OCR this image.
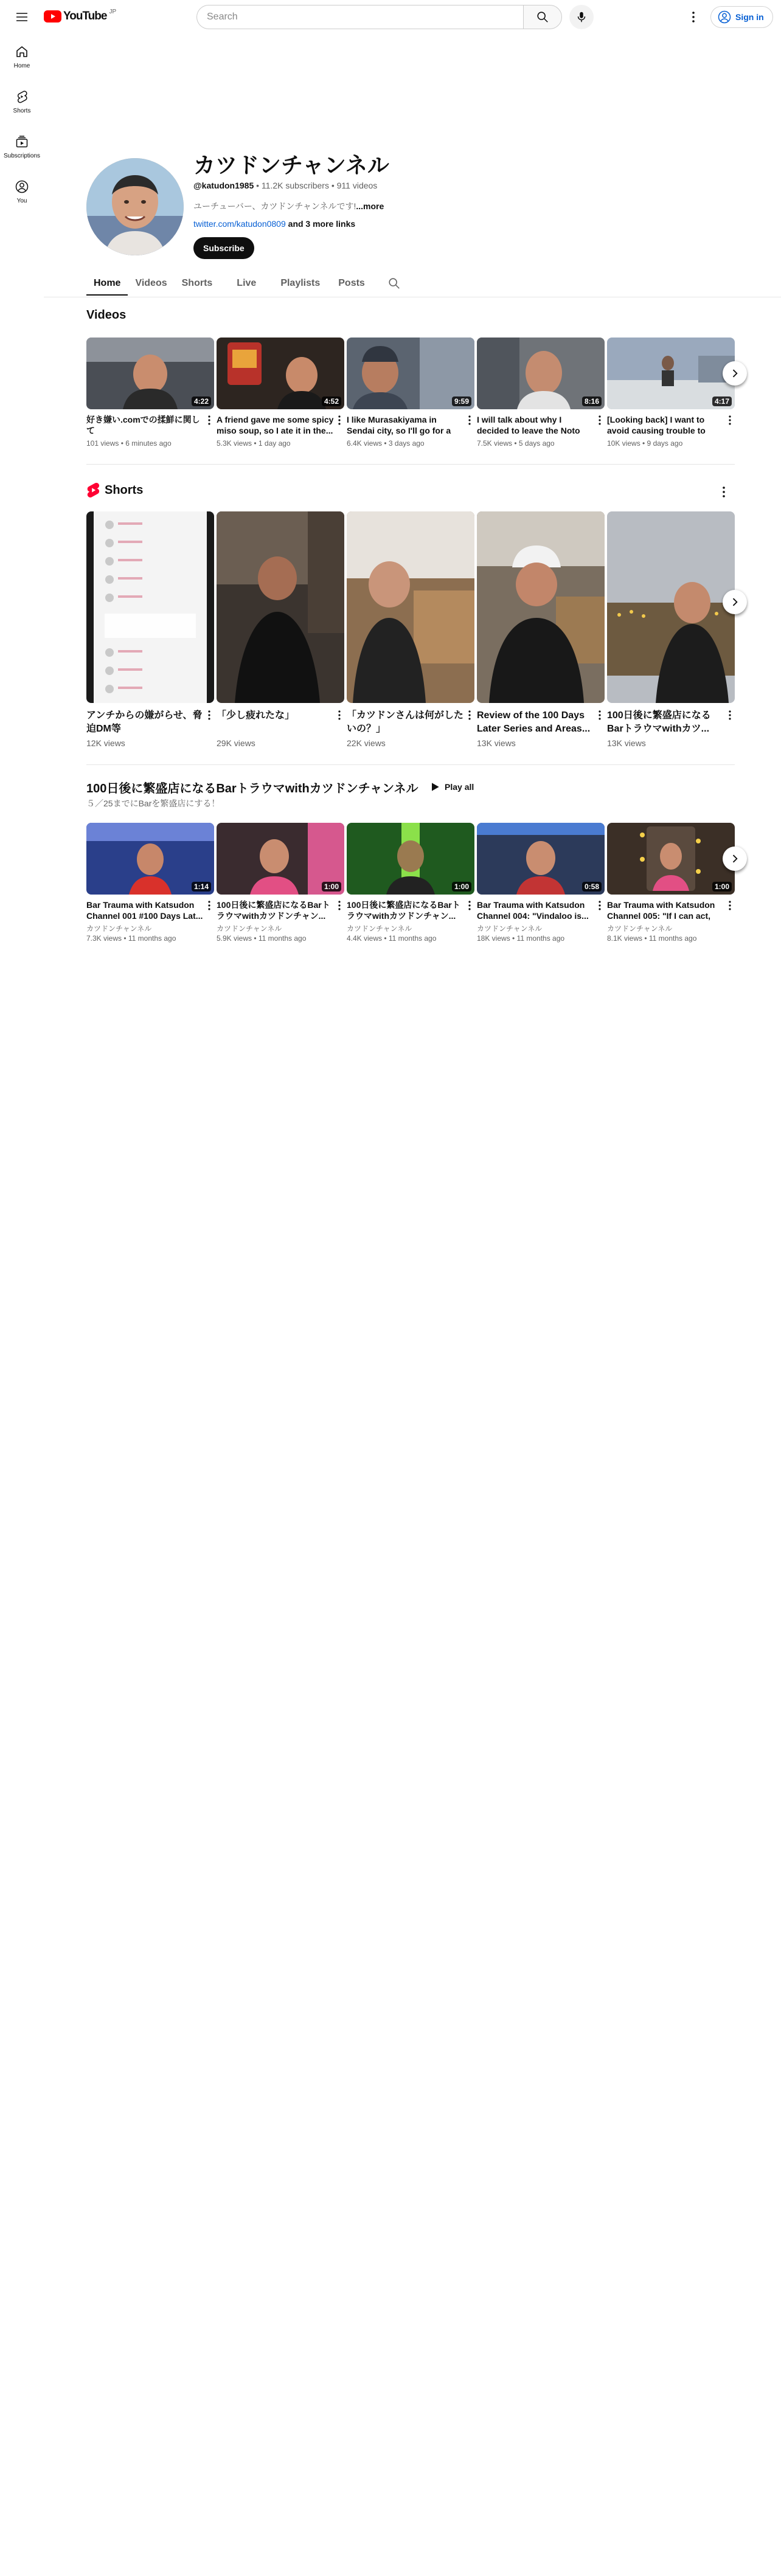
YouTube JP
Search
Sign in
Home
Shorts
Subscriptions
You
カツドンチャンネル
@katudon1985 • 11.2K subscribers • 911 videos
ユーチューバー、カツドンチャンネルです!...more
twitter.com/katudon0809 and 3 more links
Subscribe
Home	Videos	Shorts	Live	Playlists	Posts
Videos
4:22
好き嫌い.comでの揉鮮に関して
101 views • 6 minutes ago
4:52
A friend gave me some spicy miso soup, so I ate it in the...
5.3K views • 1 day ago
9:59
I like Murasakiyama in Sendai city, so I'll go for a
6.4K views • 3 days ago
8:16
I will talk about why I decided to leave the Noto
7.5K views • 5 days ago
4:17
[Looking back] I want to avoid causing trouble to
10K views • 9 days ago
Shorts
アンチからの嫌がらせ、脅迫DM等
12K views
「少し疲れたな」
29K views
「カツドンさんは何がしたいの？」
22K views
Review of the 100 Days Later Series and Areas...
13K views
100日後に繁盛店になるBarトラウマwithカツ...
13K views
100日後に繁盛店になるBarトラウマwithカツドンチャンネル	Play all
５／25までにBarを繁盛店にする！
1:14
Bar Trauma with Katsudon Channel 001 #100 Days Lat...
カツドンチャンネル
7.3K views • 11 months ago
1:00
100日後に繁盛店になるBarトラウマwithカツドンチャン...
カツドンチャンネル
5.9K views • 11 months ago
1:00
100日後に繁盛店になるBarトラウマwithカツドンチャン...
カツドンチャンネル
4.4K views • 11 months ago
0:58
Bar Trauma with Katsudon Channel 004: "Vindaloo is...
カツドンチャンネル
18K views • 11 months ago
1:00
Bar Trauma with Katsudon Channel 005: "If I can act,
カツドンチャンネル
8.1K views • 11 months ago
